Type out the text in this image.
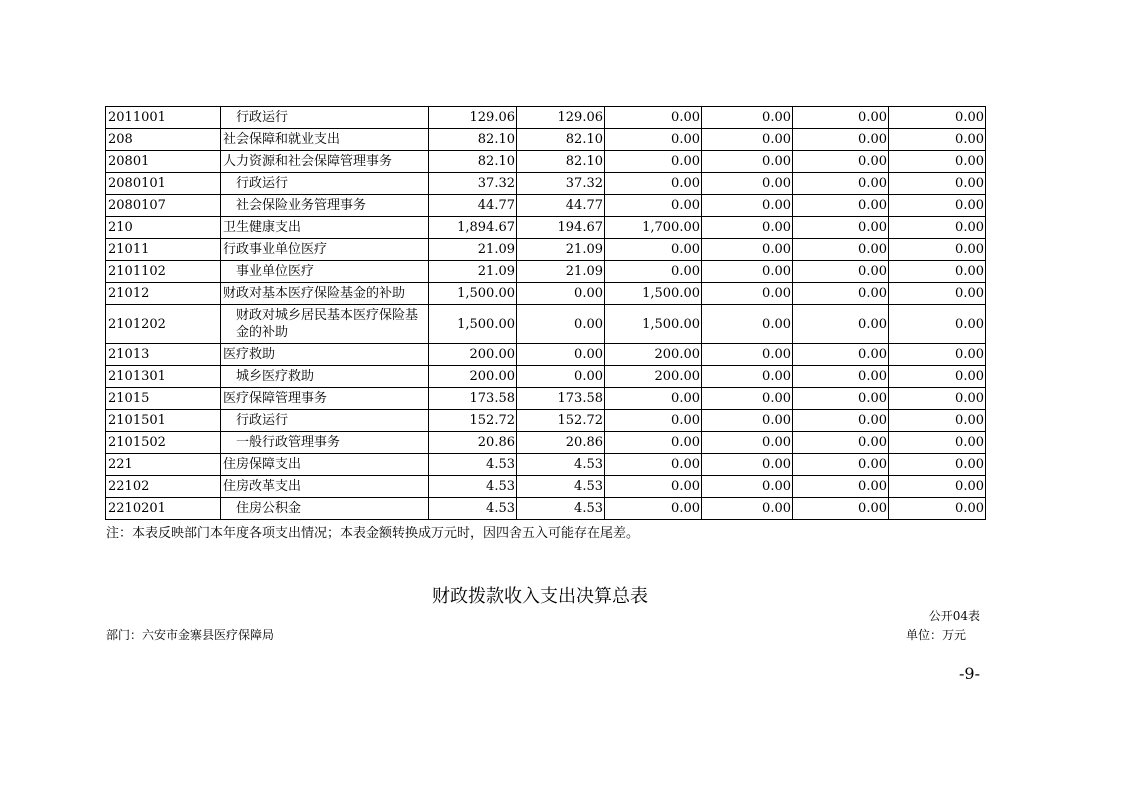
2011001	行政运行	129.06	129.06	0.00	0.00	0.00	0.00
208	社会保障和就业支出	82.10	82.10	0.00	0.00	0.00	0.00
20801	人力资源和社会保障管理事务	82.10	82.10	0.00	0.00	0.00	0.00
2080101	行政运行	37.32	37.32	0.00	0.00	0.00	0.00
2080107	社会保险业务管理事务	44.77	44.77	0.00	0.00	0.00	0.00
210	卫生健康支出	1,894.67	194.67	1,700.00	0.00	0.00	0.00
21011	行政事业单位医疗	21.09	21.09	0.00	0.00	0.00	0.00
2101102	事业单位医疗	21.09	21.09	0.00	0.00	0.00	0.00
21012	财政对基本医疗保险基金的补助	1,500.00	0.00	1,500.00	0.00	0.00	0.00
2101202	财政对城乡居民基本医疗保险基金的补助	1,500.00	0.00	1,500.00	0.00	0.00	0.00
21013	医疗救助	200.00	0.00	200.00	0.00	0.00	0.00
2101301	城乡医疗救助	200.00	0.00	200.00	0.00	0.00	0.00
21015	医疗保障管理事务	173.58	173.58	0.00	0.00	0.00	0.00
2101501	行政运行	152.72	152.72	0.00	0.00	0.00	0.00
2101502	一般行政管理事务	20.86	20.86	0.00	0.00	0.00	0.00
221	住房保障支出	4.53	4.53	0.00	0.00	0.00	0.00
22102	住房改革支出	4.53	4.53	0.00	0.00	0.00	0.00
2210201	住房公积金	4.53	4.53	0.00	0.00	0.00	0.00
注：本表反映部门本年度各项支出情况；本表金额转换成万元时，因四舍五入可能存在尾差。
财政拨款收入支出决算总表
公开04表
部门：六安市金寨县医疗保障局	单位：万元
-9-
